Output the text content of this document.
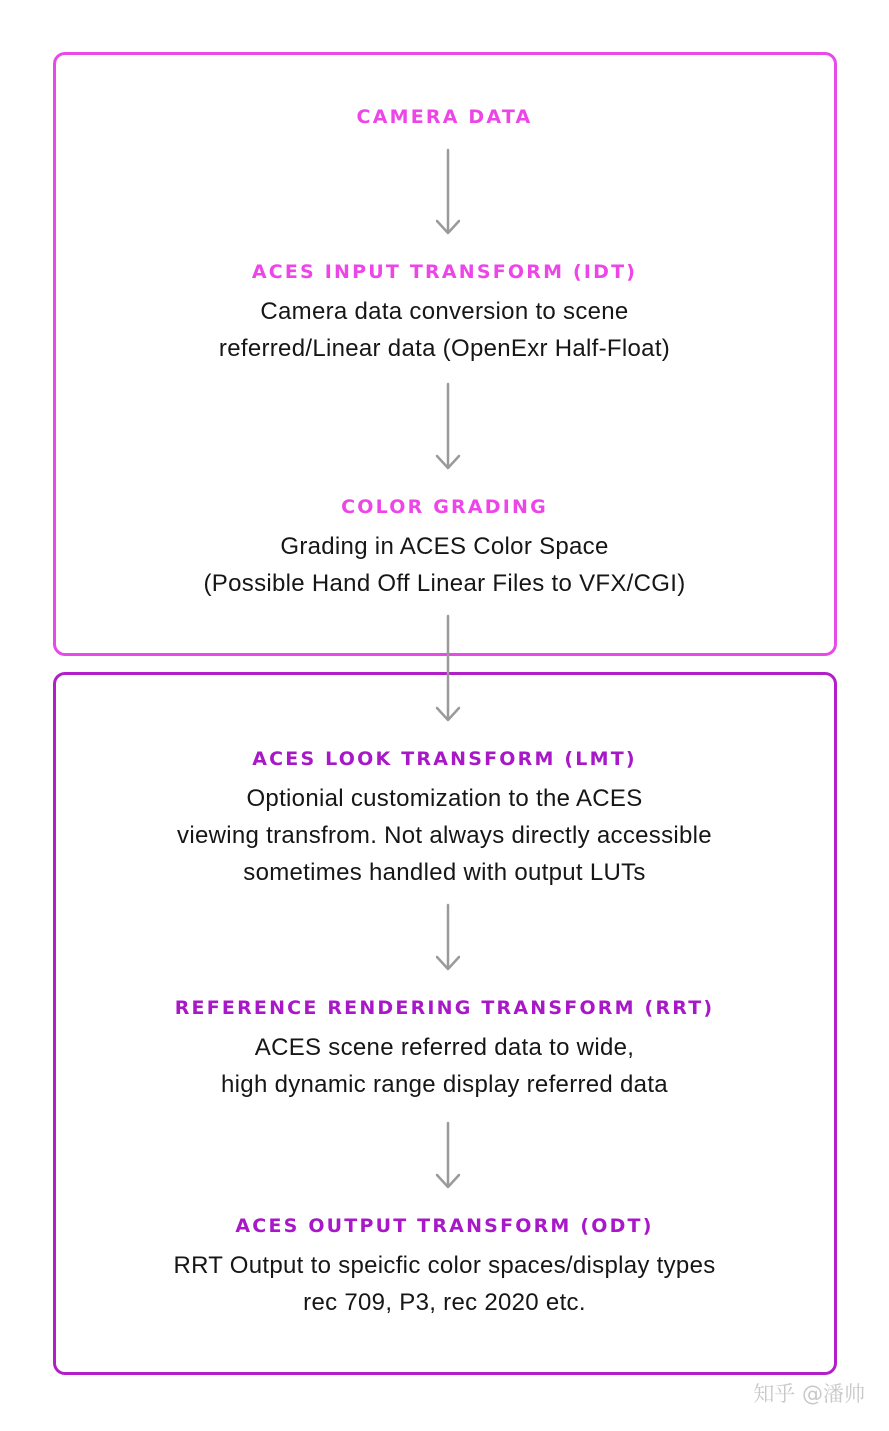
CAMERA DATA
ACES INPUT TRANSFORM (IDT)
Camera data conversion to scene
referred/Linear data (OpenExr Half-Float)
COLOR GRADING
Grading in ACES Color Space
(Possible Hand Off Linear Files to VFX/CGI)
ACES LOOK TRANSFORM (LMT)
Optionial customization to the ACES
viewing transfrom. Not always directly accessible
sometimes handled with output LUTs
REFERENCE RENDERING TRANSFORM (RRT)
ACES scene referred data to wide,
high dynamic range display referred data
ACES OUTPUT TRANSFORM (ODT)
RRT Output to speicfic color spaces/display types
rec 709, P3, rec 2020 etc.
知乎 @潘帅
